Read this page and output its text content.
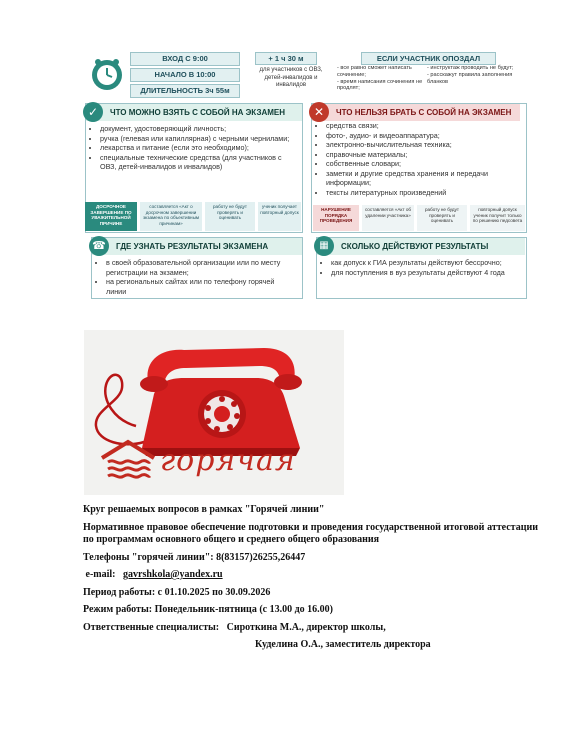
ВХОД С 9:00
НАЧАЛО В 10:00
ДЛИТЕЛЬНОСТЬ 3ч 55м
+ 1 ч 30 м
для участников с ОВЗ, детей-инвалидов и инвалидов
ЕСЛИ УЧАСТНИК ОПОЗДАЛ
- все равно сможет написать сочинение;
- время написания сочинения не продлят;
- инструктаж проводить не будут;
- расскажут правила заполнения бланков
ЧТО МОЖНО ВЗЯТЬ С СОБОЙ НА ЭКЗАМЕН
• документ, удостоверяющий личность;
• ручка (гелевая или капиллярная) с черными чернилами;
• лекарства и питание (если это необходимо);
• специальные технические средства (для участников с ОВЗ, детей-инвалидов и инвалидов)
✓
ДОСРОЧНОЕ ЗАВЕРШЕНИЕ ПО УВАЖИТЕЛЬНОЙ ПРИЧИНЕ
составляется «Акт о досрочном завершении экзамена по объективным причинам»
работу не будут проверять и оценивать
ученик получает повторный допуск
ЧТО НЕЛЬЗЯ БРАТЬ С СОБОЙ НА ЭКЗАМЕН
• средства связи;
• фото-, аудио- и видеоаппаратура;
• электронно-вычислительная техника;
• справочные материалы;
• собственные словари;
• заметки и другие средства хранения и передачи информации;
• тексты литературных произведений
✕
НАРУШЕНИЕ ПОРЯДКА ПРОВЕДЕНИЯ
составляется «Акт об удалении участника»
работу не будут проверять и оценивать
повторный допуск ученик получит только по решению педсовета
ГДЕ УЗНАТЬ РЕЗУЛЬТАТЫ ЭКЗАМЕНА
• в своей образовательной организации или по месту регистрации на экзамен;
• на региональных сайтах или по телефону горячей линии
☎	СКОЛЬКО ДЕЙСТВУЮТ РЕЗУЛЬТАТЫ
• как допуск к ГИА результаты действуют бессрочно;
• для поступления в вуз результаты действуют 4 года
▦
горячая

Круг решаемых вопросов в рамках "Горячей линии"

Нормативное правовое обеспечение подготовки и проведения государственной итоговой аттестации по программам основного общего и среднего общего образования

Телефоны "горячей линии": 8(83157)26255,26447

e-mail: gavrshkola@yandex.ru

Период работы: с 01.10.2025 по 30.09.2026

Режим работы: Понедельник-пятница (с 13.00 до 16.00)

Ответственные специалисты: Сироткина М.А., директор школы,

Куделина О.А., заместитель директора
